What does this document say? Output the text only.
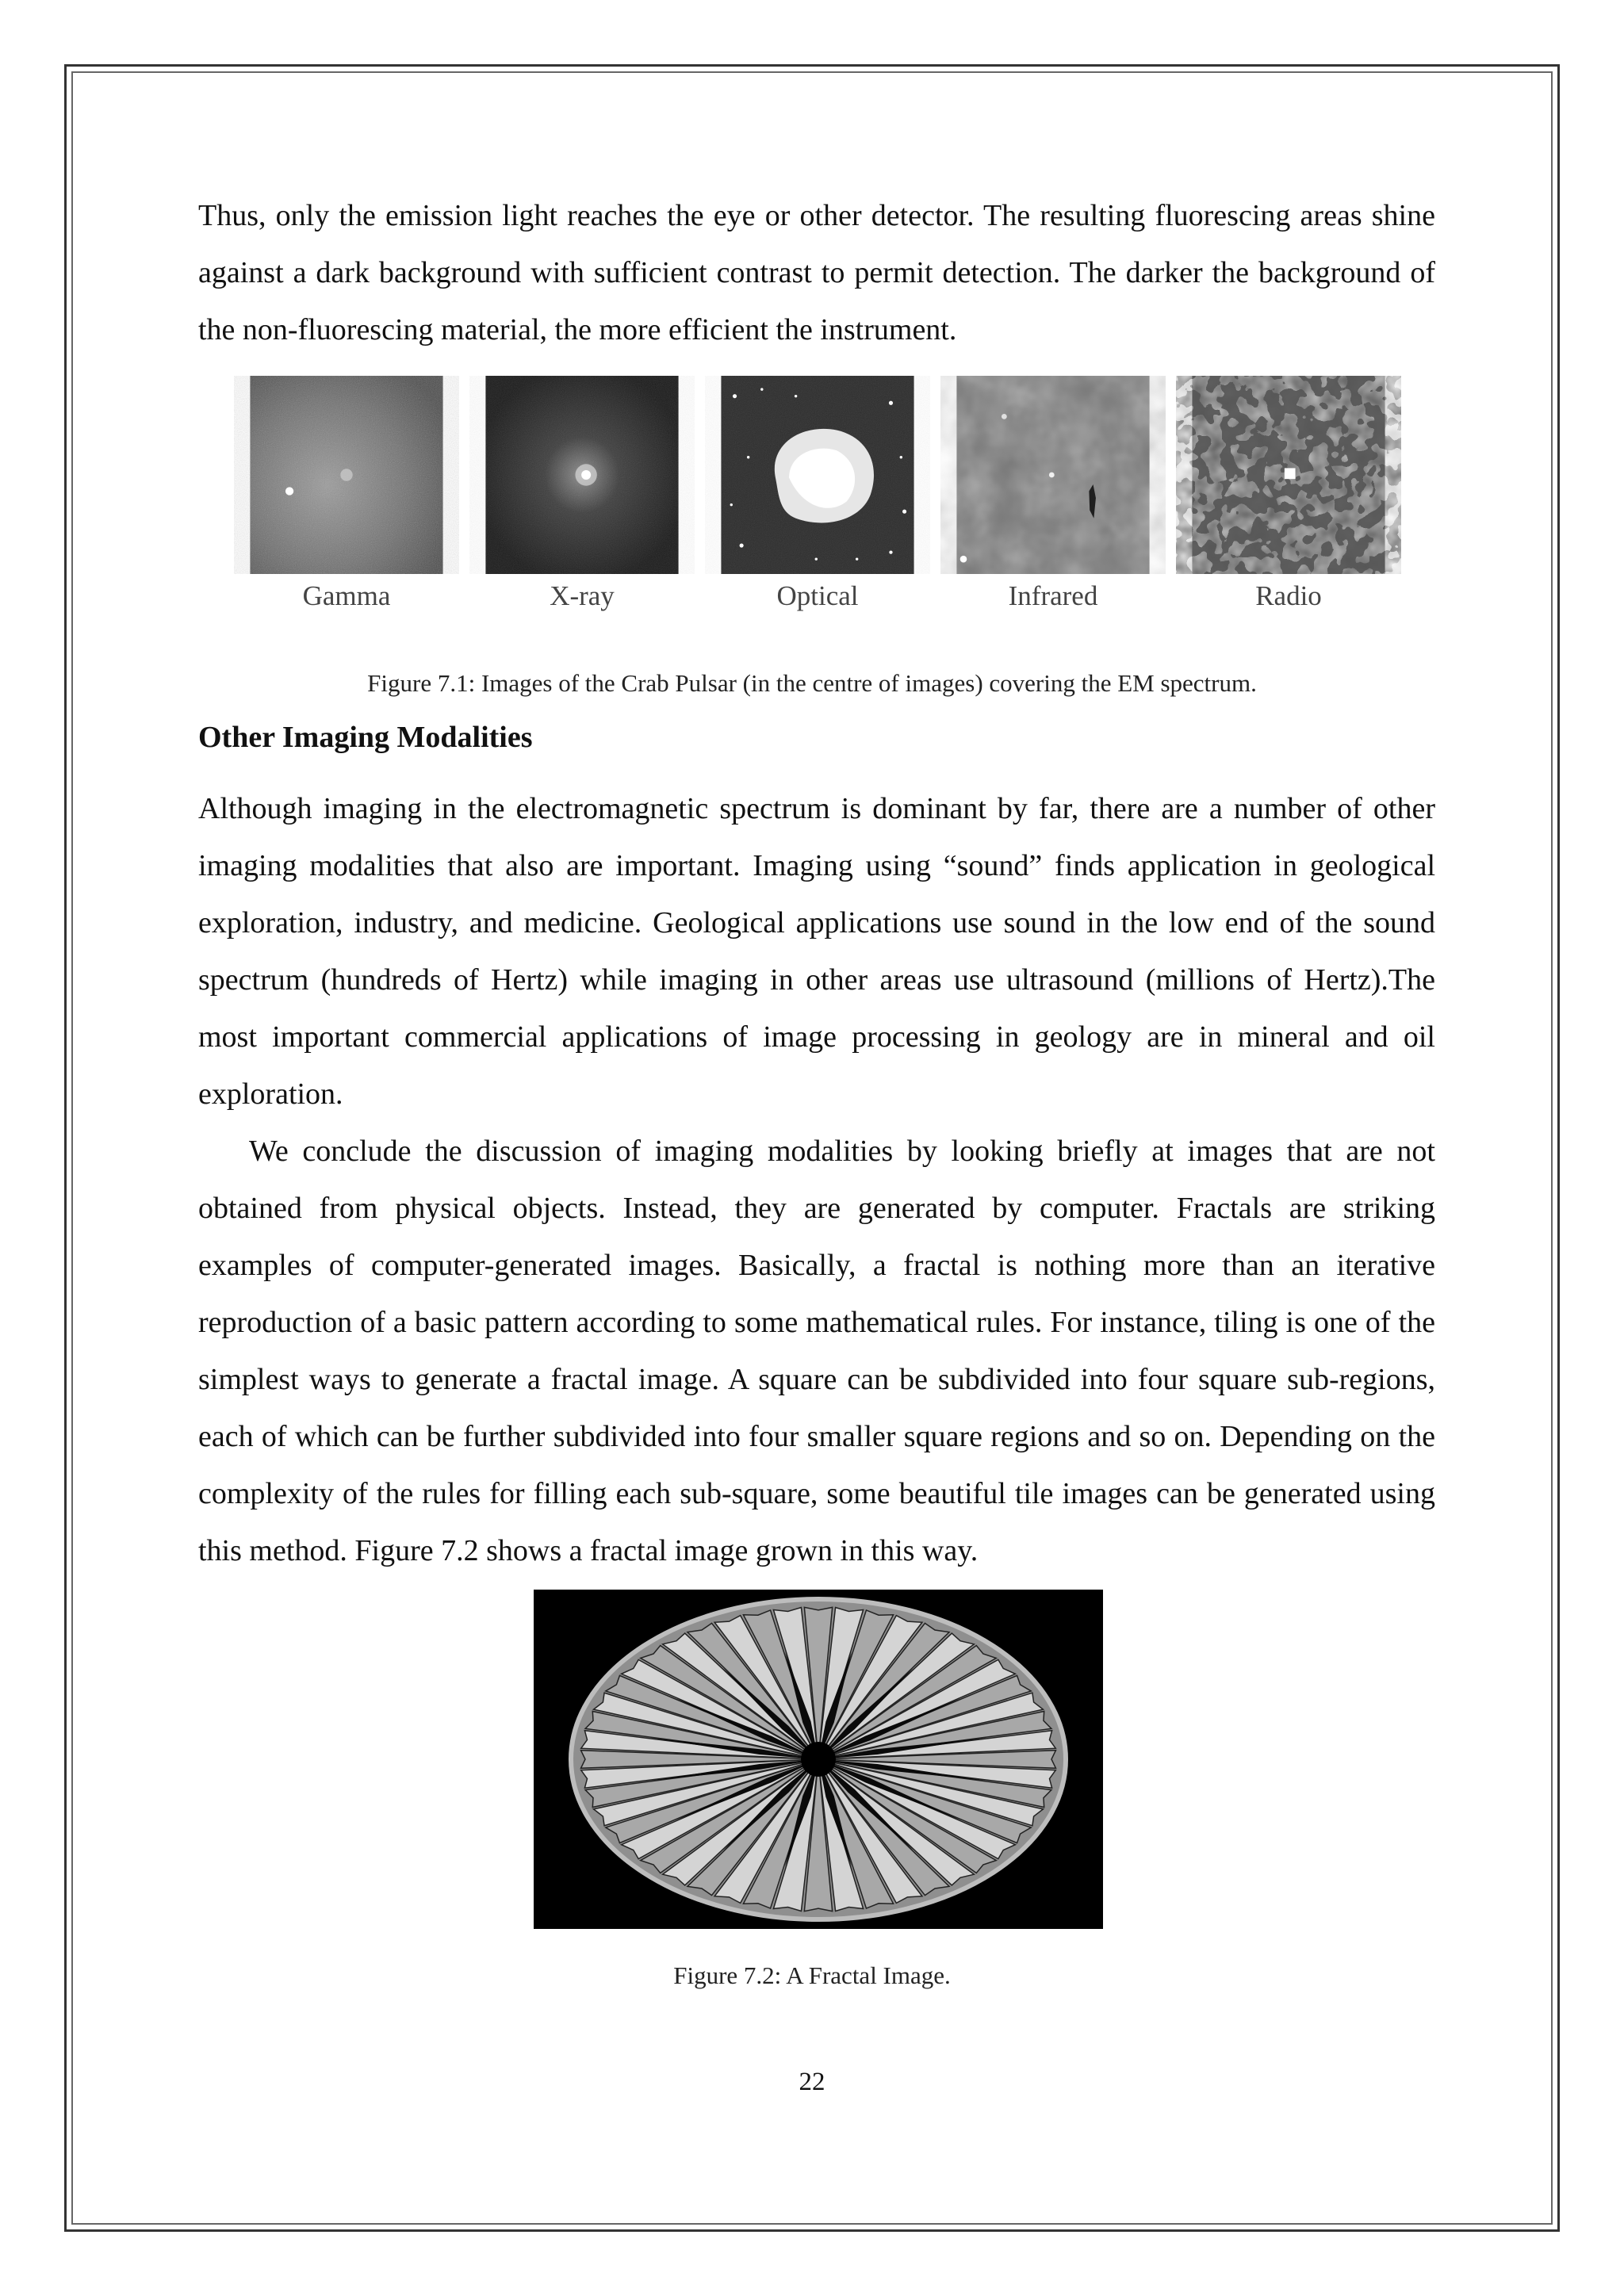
Thus, only the emission light reaches the eye or other detector. The resulting fluorescing areas shine against a dark background with sufficient contrast to permit detection. The darker the background of the non-fluorescing material, the more efficient the instrument.

Gamma	X-ray	Optical	Infrared	Radio
Figure 7.1: Images of the Crab Pulsar (in the centre of images) covering the EM spectrum.
Other Imaging Modalities

Although imaging in the electromagnetic spectrum is dominant by far, there are a number of other imaging modalities that also are important. Imaging using “sound” finds application in geological exploration, industry, and medicine. Geological applications use sound in the low end of the sound spectrum (hundreds of Hertz) while imaging in other areas use ultrasound (millions of Hertz).The most important commercial applications of image processing in geology are in mineral and oil exploration.

We conclude the discussion of imaging modalities by looking briefly at images that are not obtained from physical objects. Instead, they are generated by computer. Fractals are striking examples of computer-generated images. Basically, a fractal is nothing more than an iterative reproduction of a basic pattern according to some mathematical rules. For instance, tiling is one of the simplest ways to generate a fractal image. A square can be subdivided into four square sub-regions, each of which can be further subdivided into four smaller square regions and so on. Depending on the complexity of the rules for filling each sub-square, some beautiful tile images can be generated using this method. Figure 7.2 shows a fractal image grown in this way.

Figure 7.2: A Fractal Image.
22
